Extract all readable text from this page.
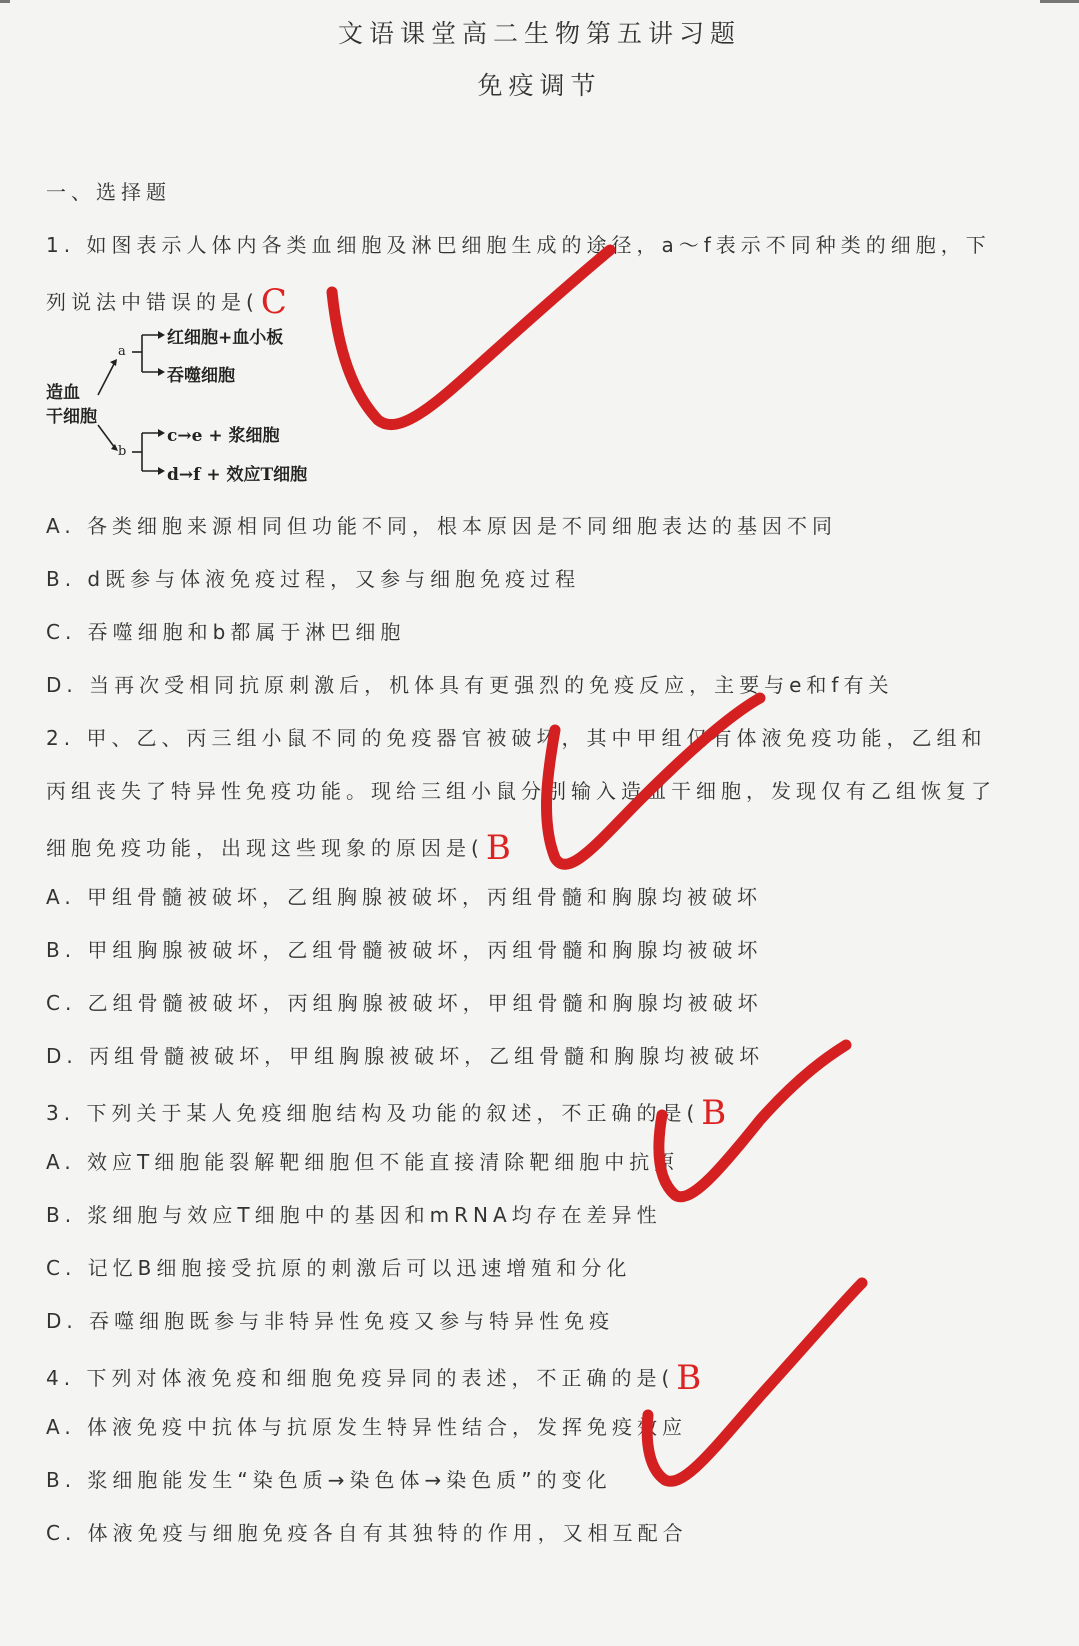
文语课堂高二生物第五讲习题
免疫调节
一、选择题
1. 如图表示人体内各类血细胞及淋巴细胞生成的途径，a～f表示不同种类的细胞，下
列说法中错误的是(C
造血
干细胞
a
b
红细胞+血小板
吞噬细胞
c→e + 浆细胞
d→f + 效应T细胞
A. 各类细胞来源相同但功能不同，根本原因是不同细胞表达的基因不同
B. d既参与体液免疫过程，又参与细胞免疫过程
C. 吞噬细胞和b都属于淋巴细胞
D. 当再次受相同抗原刺激后，机体具有更强烈的免疫反应，主要与e和f有关
2. 甲、乙、丙三组小鼠不同的免疫器官被破坏，其中甲组仅有体液免疫功能，乙组和
丙组丧失了特异性免疫功能。现给三组小鼠分别输入造血干细胞，发现仅有乙组恢复了
细胞免疫功能，出现这些现象的原因是(B
A. 甲组骨髓被破坏，乙组胸腺被破坏，丙组骨髓和胸腺均被破坏
B. 甲组胸腺被破坏，乙组骨髓被破坏，丙组骨髓和胸腺均被破坏
C. 乙组骨髓被破坏，丙组胸腺被破坏，甲组骨髓和胸腺均被破坏
D. 丙组骨髓被破坏，甲组胸腺被破坏，乙组骨髓和胸腺均被破坏
3. 下列关于某人免疫细胞结构及功能的叙述，不正确的是(B
A. 效应T细胞能裂解靶细胞但不能直接清除靶细胞中抗原
B. 浆细胞与效应T细胞中的基因和mRNA均存在差异性
C. 记忆B细胞接受抗原的刺激后可以迅速增殖和分化
D. 吞噬细胞既参与非特异性免疫又参与特异性免疫
4. 下列对体液免疫和细胞免疫异同的表述，不正确的是(B
A. 体液免疫中抗体与抗原发生特异性结合，发挥免疫效应
B. 浆细胞能发生“染色质→染色体→染色质”的变化
C. 体液免疫与细胞免疫各自有其独特的作用，又相互配合
